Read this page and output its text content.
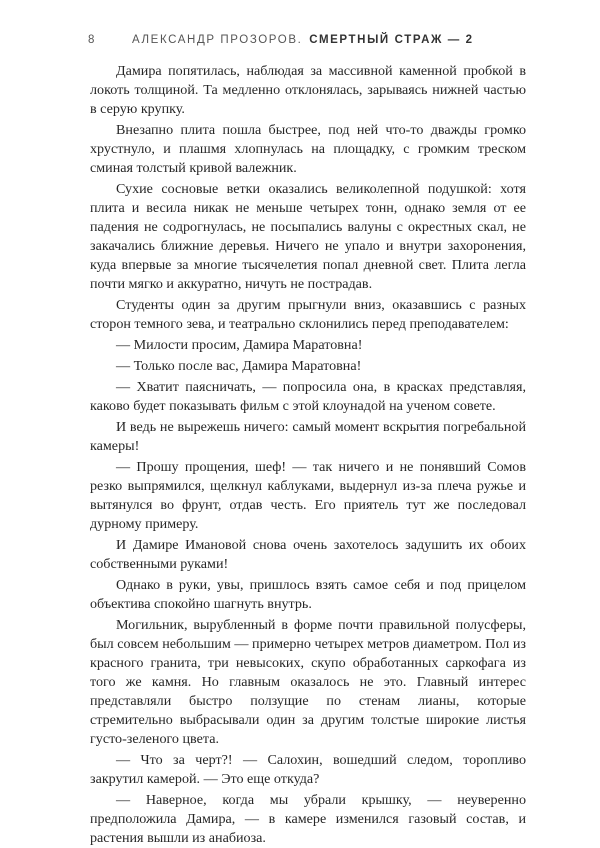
8	АЛЕКСАНДР ПРОЗОРОВ. СМЕРТНЫЙ СТРАЖ — 2

Дамира попятилась, наблюдая за массивной каменной пробкой в локоть толщиной. Та медленно отклонялась, зарываясь нижней частью в серую крупку.

Внезапно плита пошла быстрее, под ней что-то дважды громко хрустнуло, и плашмя хлопнулась на площадку, с громким треском сминая толстый кривой валежник.

Сухие сосновые ветки оказались великолепной подушкой: хотя плита и весила никак не меньше четырех тонн, однако земля от ее падения не содрогнулась, не посыпались валуны с окрестных скал, не закачались ближние деревья. Ничего не упало и внутри захоронения, куда впервые за многие тысячелетия попал дневной свет. Плита легла почти мягко и аккуратно, ничуть не пострадав.

Студенты один за другим прыгнули вниз, оказавшись с разных сторон темного зева, и театрально склонились перед преподавателем:

— Милости просим, Дамира Маратовна!

— Только после вас, Дамира Маратовна!

— Хватит паясничать, — попросила она, в красках представляя, каково будет показывать фильм с этой клоунадой на ученом совете.

И ведь не вырежешь ничего: самый момент вскрытия погребальной камеры!

— Прошу прощения, шеф! — так ничего и не понявший Сомов резко выпрямился, щелкнул каблуками, выдернул из-за плеча ружье и вытянулся во фрунт, отдав честь. Его приятель тут же последовал дурному примеру.

И Дамире Имановой снова очень захотелось задушить их обоих собственными руками!

Однако в руки, увы, пришлось взять самое себя и под прицелом объектива спокойно шагнуть внутрь.

Могильник, вырубленный в форме почти правильной полусферы, был совсем небольшим — примерно четырех метров диаметром. Пол из красного гранита, три невысоких, скупо обработанных саркофага из того же камня. Но главным оказалось не это. Главный интерес представляли быстро ползущие по стенам лианы, которые стремительно выбрасывали один за другим толстые широкие листья густо-зеленого цвета.

— Что за черт?! — Салохин, вошедший следом, торопливо закрутил камерой. — Это еще откуда?

— Наверное, когда мы убрали крышку, — неуверенно предположила Дамира, — в камере изменился газовый состав, и растения вышли из анабиоза.
